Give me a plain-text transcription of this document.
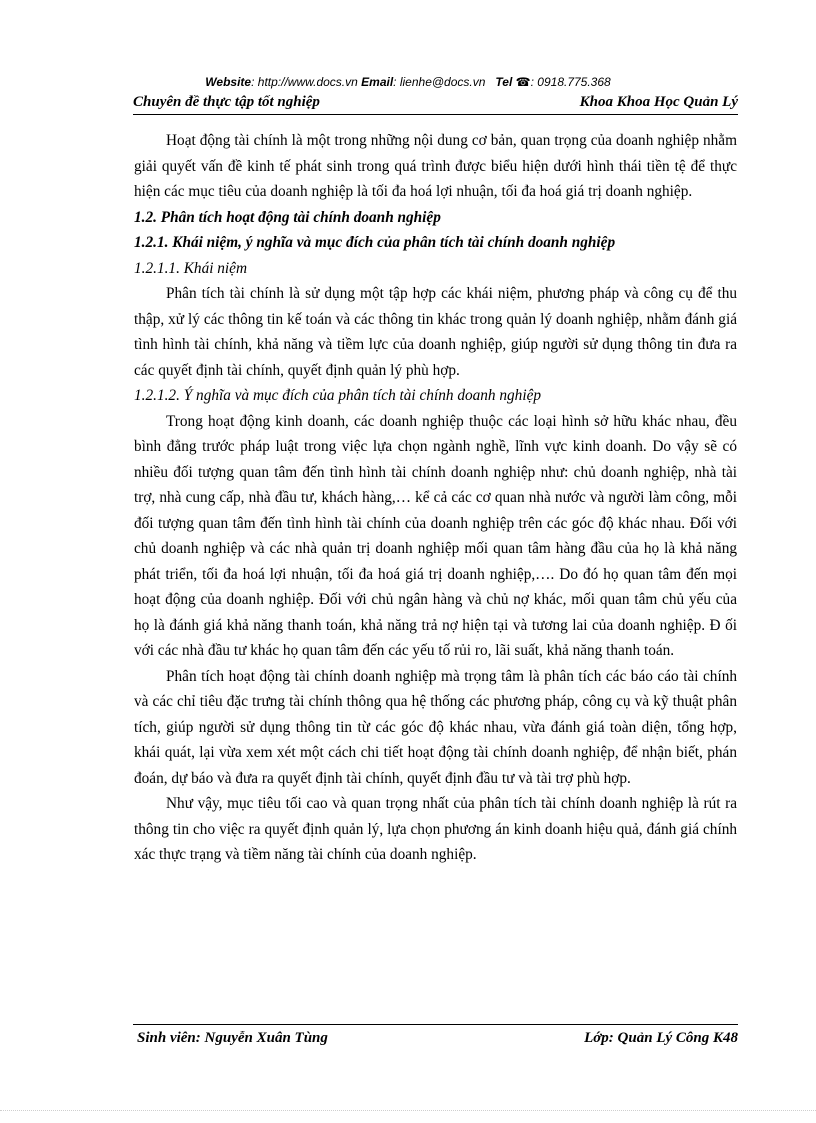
Website: http://www.docs.vn Email: lienhe@docs.vn Tel ☎: 0918.775.368
Chuyên đề thực tập tốt nghiệp	Khoa Khoa Học Quản Lý

Hoạt động tài chính là một trong những nội dung cơ bản, quan trọng của doanh nghiệp nhằm giải quyết vấn đề kinh tế phát sinh trong quá trình được biểu hiện dưới hình thái tiền tệ để thực hiện các mục tiêu của doanh nghiệp là tối đa hoá lợi nhuận, tối đa hoá giá trị doanh nghiệp.

1.2. Phân tích hoạt động tài chính doanh nghiệp
1.2.1. Khái niệm, ý nghĩa và mục đích của phân tích tài chính doanh nghiệp
1.2.1.1. Khái niệm

Phân tích tài chính là sử dụng một tập hợp các khái niệm, phương pháp và công cụ để thu thập, xử lý các thông tin kế toán và các thông tin khác trong quản lý doanh nghiệp, nhằm đánh giá tình hình tài chính, khả năng và tiềm lực của doanh nghiệp, giúp người sử dụng thông tin đưa ra các quyết định tài chính, quyết định quản lý phù hợp.

1.2.1.2. Ý nghĩa và mục đích của phân tích tài chính doanh nghiệp

Trong hoạt động kinh doanh, các doanh nghiệp thuộc các loại hình sở hữu khác nhau, đều bình đẳng trước pháp luật trong việc lựa chọn ngành nghề, lĩnh vực kinh doanh. Do vậy sẽ có nhiều đối tượng quan tâm đến tình hình tài chính doanh nghiệp như: chủ doanh nghiệp, nhà tài trợ, nhà cung cấp, nhà đầu tư, khách hàng,… kể cả các cơ quan nhà nước và người làm công, mỗi đối tượng quan tâm đến tình hình tài chính của doanh nghiệp trên các góc độ khác nhau. Đối với chủ doanh nghiệp và các nhà quản trị doanh nghiệp mối quan tâm hàng đầu của họ là khả năng phát triển, tối đa hoá lợi nhuận, tối đa hoá giá trị doanh nghiệp,…. Do đó họ quan tâm đến mọi hoạt động của doanh nghiệp. Đối với chủ ngân hàng và chủ nợ khác, mối quan tâm chủ yếu của họ là đánh giá khả năng thanh toán, khả năng trả nợ hiện tại và tương lai của doanh nghiệp. Đ ối với các nhà đầu tư khác họ quan tâm đến các yếu tố rủi ro, lãi suất, khả năng thanh toán.

Phân tích hoạt động tài chính doanh nghiệp mà trọng tâm là phân tích các báo cáo tài chính và các chỉ tiêu đặc trưng tài chính thông qua hệ thống các phương pháp, công cụ và kỹ thuật phân tích, giúp người sử dụng thông tin từ các góc độ khác nhau, vừa đánh giá toàn diện, tổng hợp, khái quát, lại vừa xem xét một cách chi tiết hoạt động tài chính doanh nghiệp, để nhận biết, phán đoán, dự báo và đưa ra quyết định tài chính, quyết định đầu tư và tài trợ phù hợp.

Như vậy, mục tiêu tối cao và quan trọng nhất của phân tích tài chính doanh nghiệp là rút ra thông tin cho việc ra quyết định quản lý, lựa chọn phương án kinh doanh hiệu quả, đánh giá chính xác thực trạng và tiềm năng tài chính của doanh nghiệp.

Sinh viên: Nguyễn Xuân Tùng	Lớp: Quản Lý Công K48
